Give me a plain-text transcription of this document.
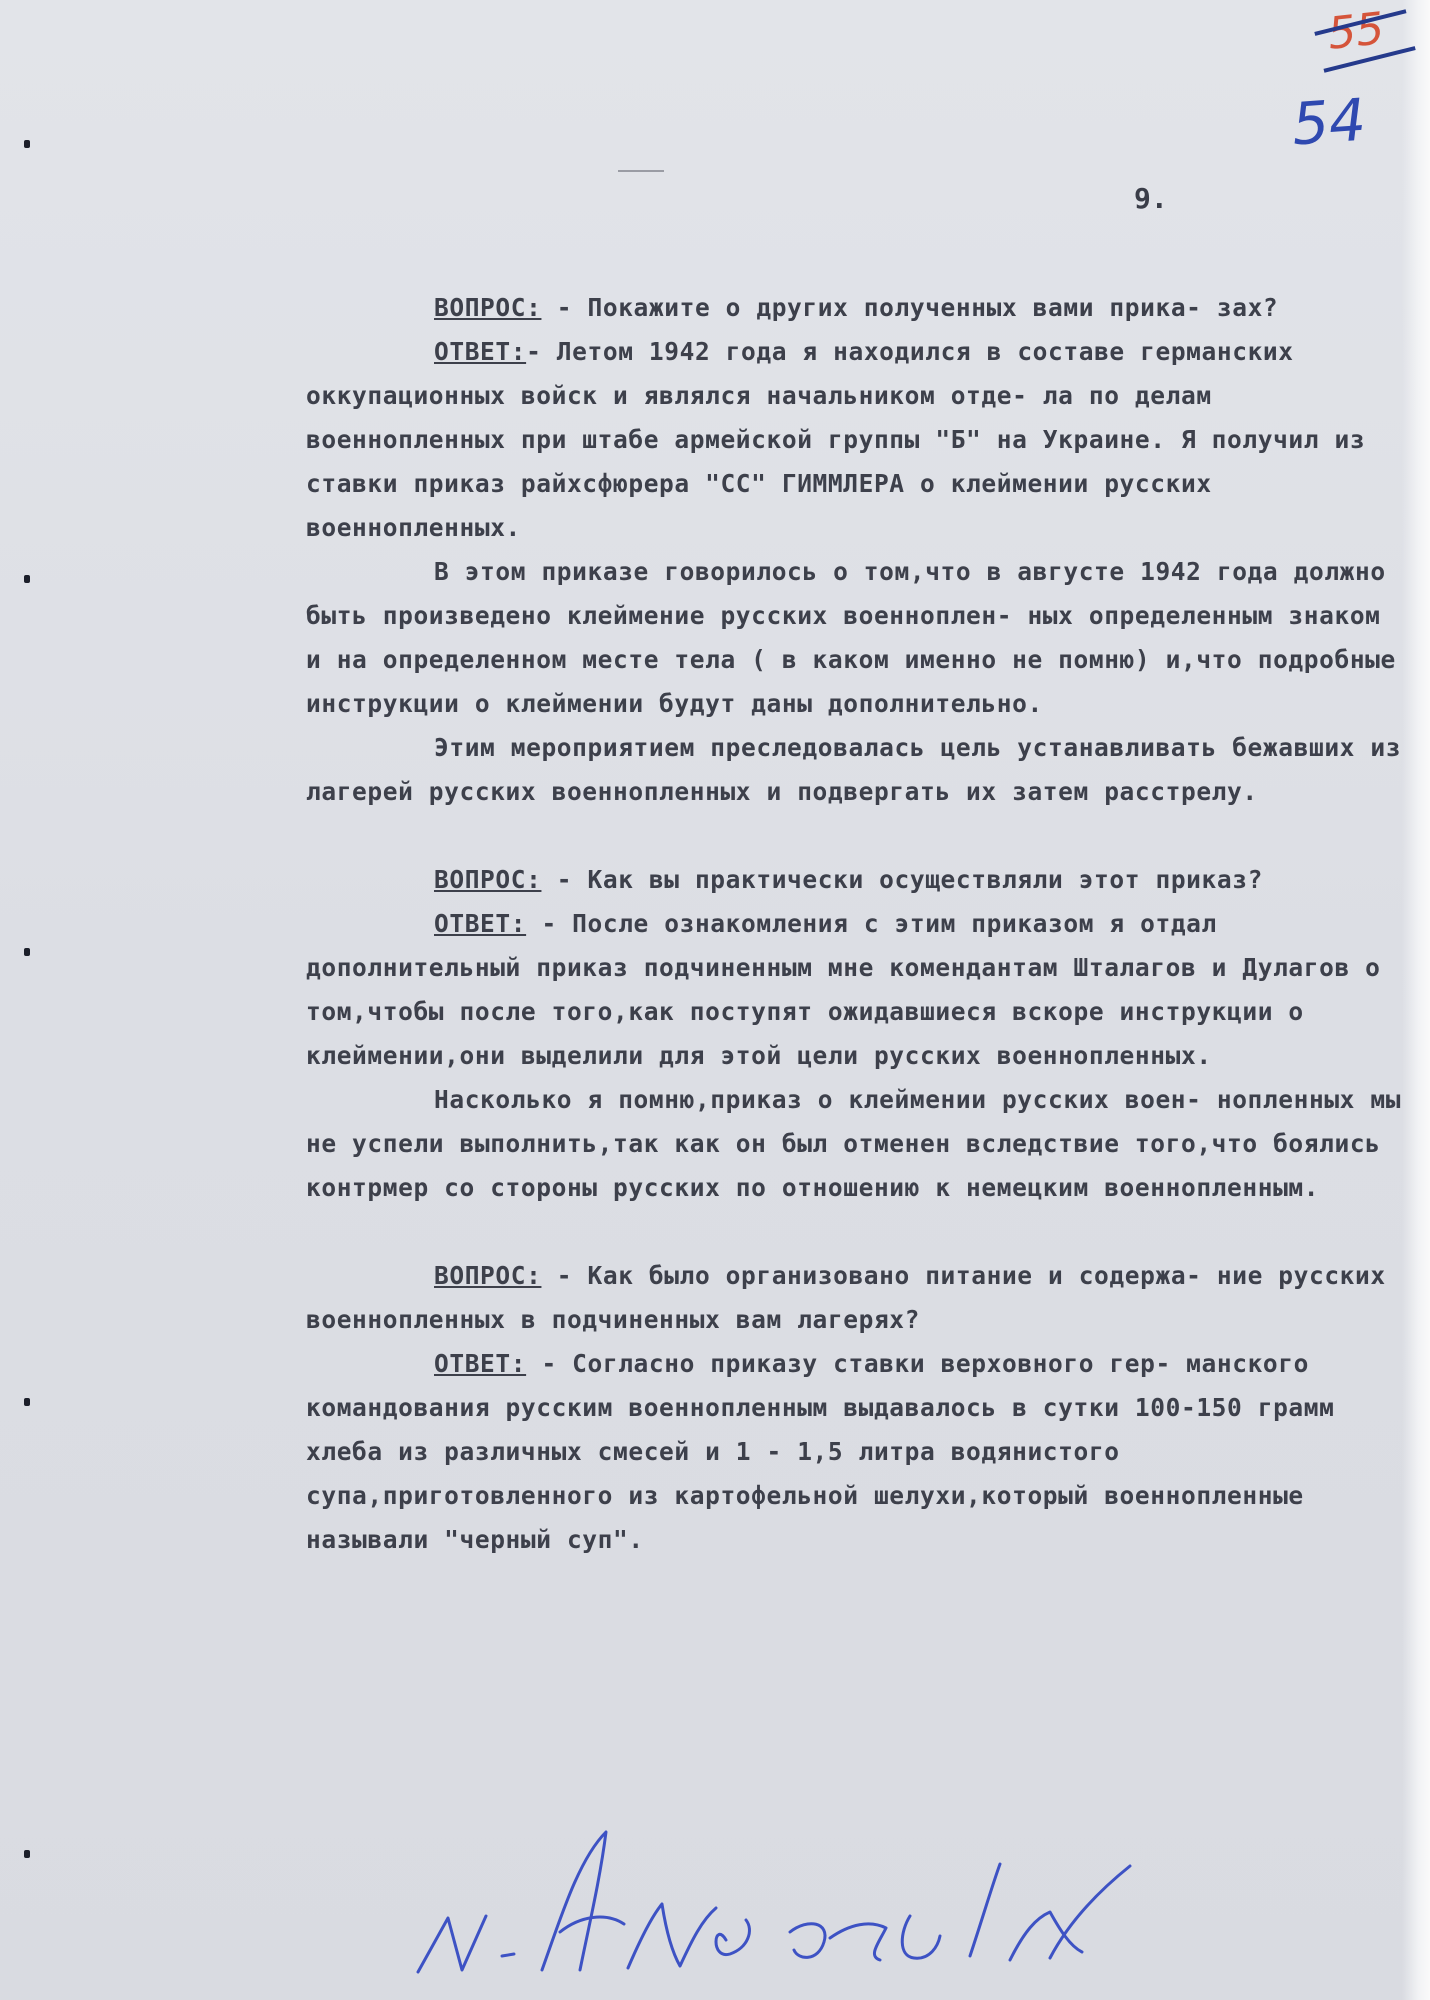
55
54
9.

ВОПРОС: - Покажите о других полученных вами прика- зах?

ОТВЕТ:- Летом 1942 года я находился в составе германских оккупационных войск и являлся начальником отде- ла по делам военнопленных при штабе армейской группы "Б" на Украине. Я получил из ставки приказ райхсфюрера "СС" ГИММЛЕРА о клеймении русских военнопленных.

В этом приказе говорилось о том,что в августе 1942 года должно быть произведено клеймение русских военноплен- ных определенным знаком и на определенном месте тела ( в каком именно не помню) и,что подробные инструкции о клеймении будут даны дополнительно.

Этим мероприятием преследовалась цель устанавливать бежавших из лагерей русских военнопленных и подвергать их затем расстрелу.

ВОПРОС: - Как вы практически осуществляли этот приказ?

ОТВЕТ: - После ознакомления с этим приказом я отдал дополнительный приказ подчиненным мне комендантам Шталагов и Дулагов о том,чтобы после того,как поступят ожидавшиеся вскоре инструкции о клеймении,они выделили для этой цели русских военнопленных.

Насколько я помню,приказ о клеймении русских воен- нопленных мы не успели выполнить,так как он был отменен вследствие того,что боялись контрмер со стороны русских по отношению к немецким военнопленным.

ВОПРОС: - Как было организовано питание и содержа- ние русских военнопленных в подчиненных вам лагерях?

ОТВЕТ: - Согласно приказу ставки верховного гер- манского командования русским военнопленным выдавалось в сутки 100-150 грамм хлеба из различных смесей и 1 - 1,5 литра водянистого супа,приготовленного из картофельной шелухи,который военнопленные называли "черный суп".
